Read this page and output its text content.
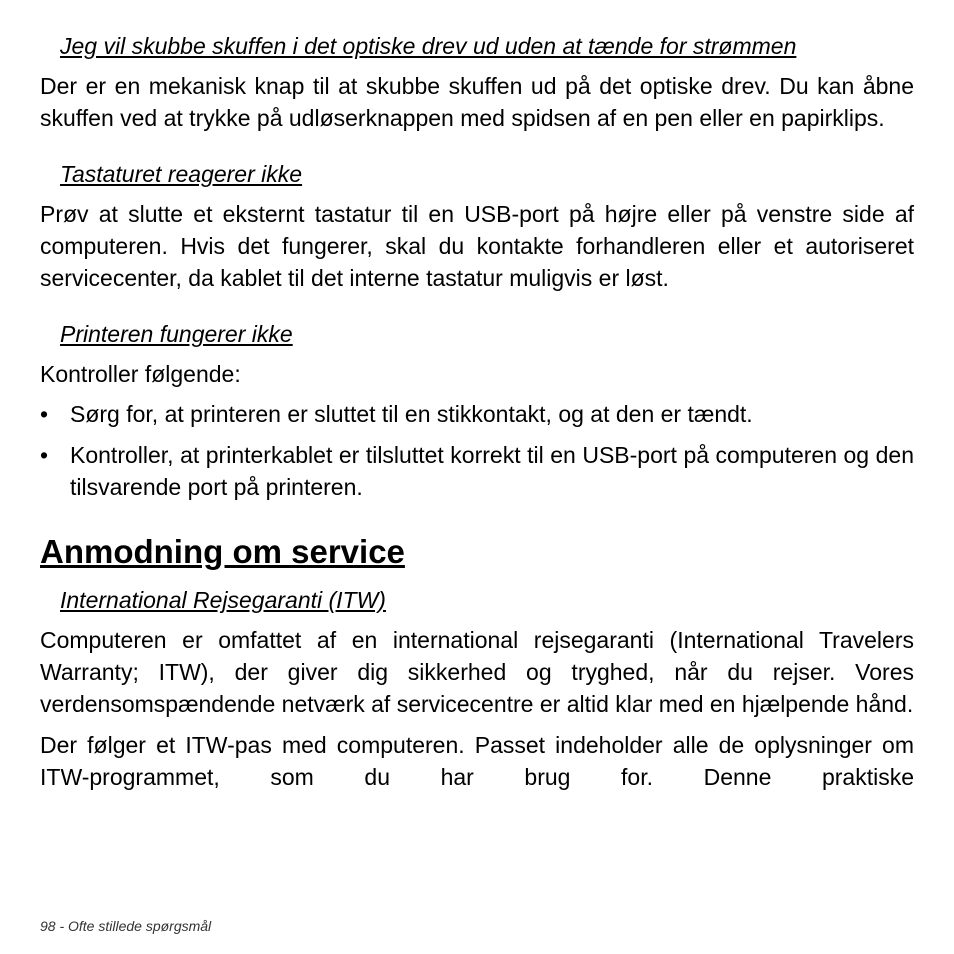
Jeg vil skubbe skuffen i det optiske drev ud uden at tænde for strømmen

Der er en mekanisk knap til at skubbe skuffen ud på det optiske drev. Du kan åbne skuffen ved at trykke på udløserknappen med spidsen af en pen eller en papirklips.

Tastaturet reagerer ikke

Prøv at slutte et eksternt tastatur til en USB-port på højre eller på venstre side af computeren. Hvis det fungerer, skal du kontakte forhandleren eller et autoriseret servicecenter, da kablet til det interne tastatur muligvis er løst.

Printeren fungerer ikke

Kontroller følgende:

• Sørg for, at printeren er sluttet til en stikkontakt, og at den er tændt.
• Kontroller, at printerkablet er tilsluttet korrekt til en USB-port på computeren og den tilsvarende port på printeren.
Anmodning om service

International Rejsegaranti (ITW)

Computeren er omfattet af en international rejsegaranti (International Travelers Warranty; ITW), der giver dig sikkerhed og tryghed, når du rejser. Vores verdensomspændende netværk af servicecentre er altid klar med en hjælpende hånd.

Der følger et ITW-pas med computeren. Passet indeholder alle de oplysninger om ITW-programmet, som du har brug for. Denne praktiske

98 - Ofte stillede spørgsmål
